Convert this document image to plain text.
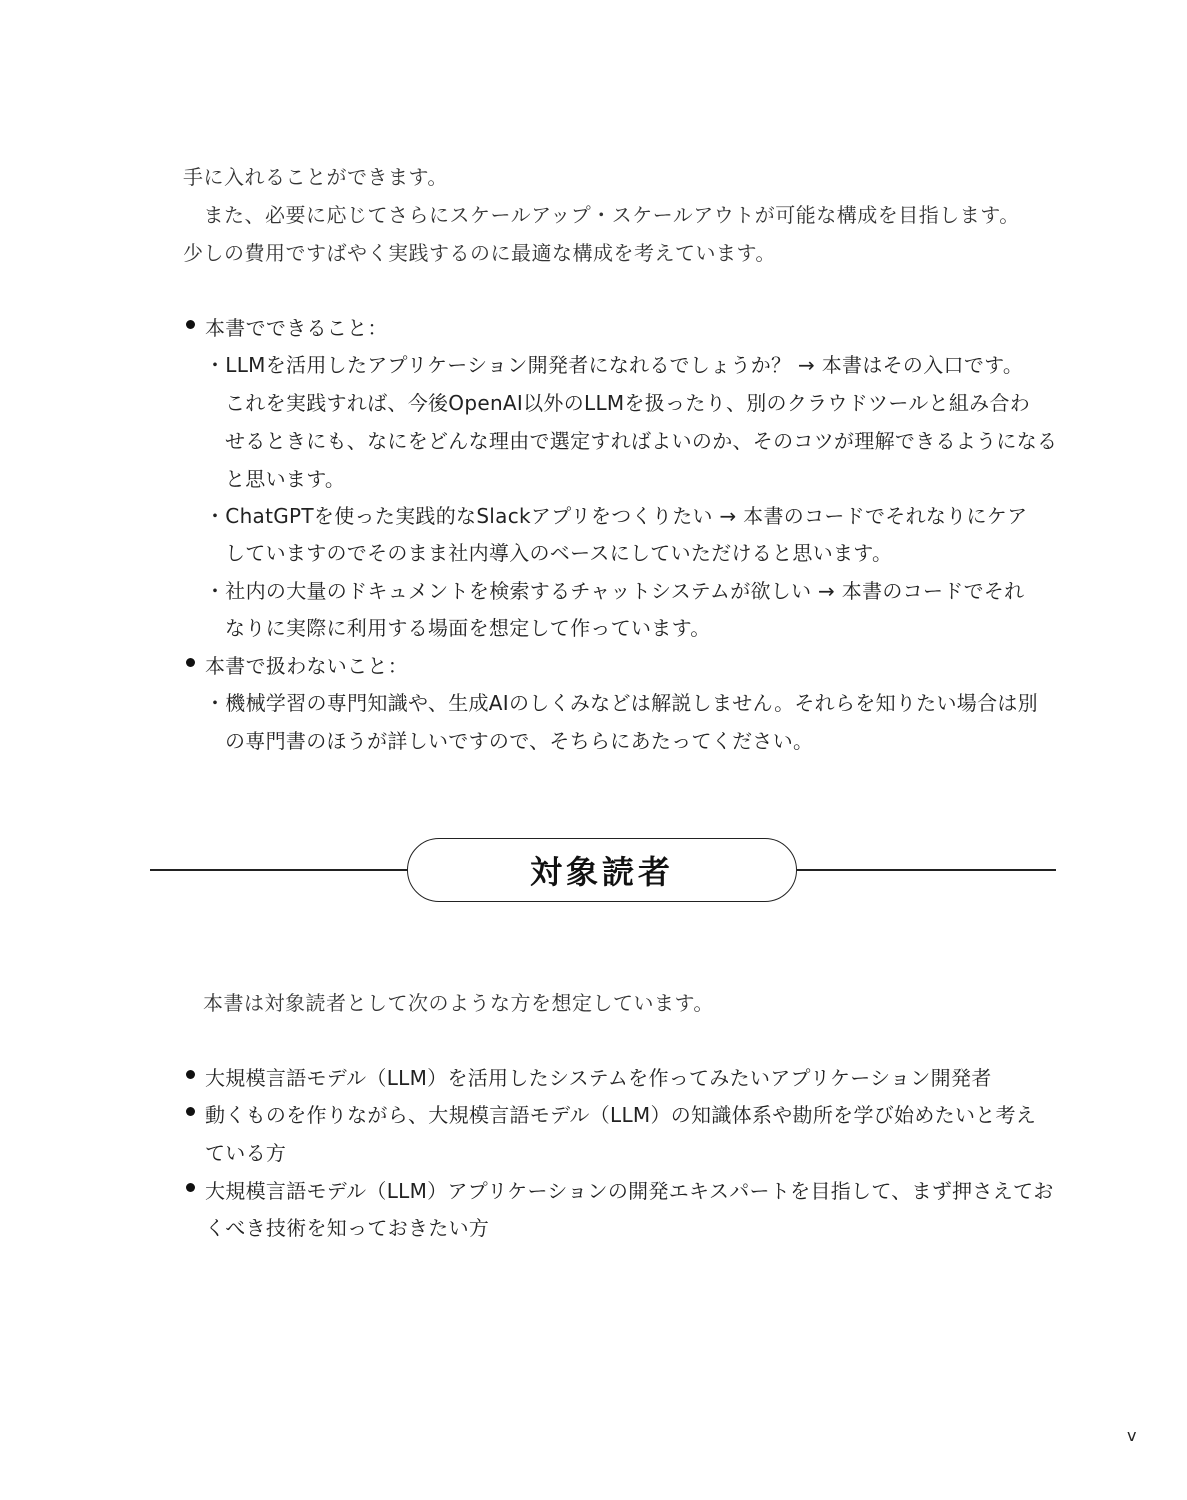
手に入れることができます。
　また、必要に応じてさらにスケールアップ・スケールアウトが可能な構成を目指します。
少しの費用ですばやく実践するのに最適な構成を考えています。
本書でできること：
・LLMを活用したアプリケーション開発者になれるでしょうか？ → 本書はその入口です。
これを実践すれば、今後OpenAI以外のLLMを扱ったり、別のクラウドツールと組み合わ
せるときにも、なにをどんな理由で選定すればよいのか、そのコツが理解できるようになる
と思います。
・ChatGPTを使った実践的なSlackアプリをつくりたい → 本書のコードでそれなりにケア
していますのでそのまま社内導入のベースにしていただけると思います。
・社内の大量のドキュメントを検索するチャットシステムが欲しい → 本書のコードでそれ
なりに実際に利用する場面を想定して作っています。
本書で扱わないこと：
・機械学習の専門知識や、生成AIのしくみなどは解説しません。それらを知りたい場合は別
の専門書のほうが詳しいですので、そちらにあたってください。
対象読者
本書は対象読者として次のような方を想定しています。
大規模言語モデル（LLM）を活用したシステムを作ってみたいアプリケーション開発者
動くものを作りながら、大規模言語モデル（LLM）の知識体系や勘所を学び始めたいと考え
ている方
大規模言語モデル（LLM）アプリケーションの開発エキスパートを目指して、まず押さえてお
くべき技術を知っておきたい方
v
